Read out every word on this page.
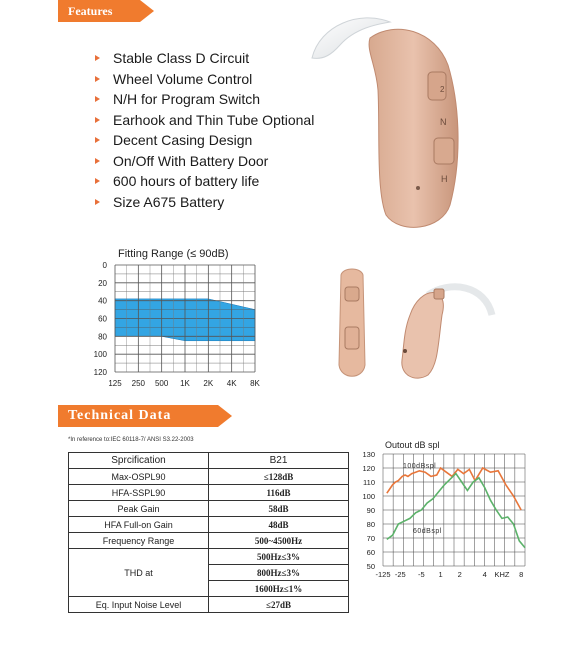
Features
Stable Class D Circuit
Wheel Volume Control
N/H for Program Switch
Earhook and Thin Tube Optional
Decent Casing Design
On/Off With Battery Door
600 hours of battery life
Size A675 Battery
2
N
H
Fitting Range (≤ 90dB)
0
20
40
60
80
100
120
125 250 500 1K 2K 4K 8K
Technical Data
*In reference to:IEC 60118-7/ ANSI S3.22-2003
Sprcification	B21
Max-OSPL90	≤128dB
HFA-SSPL90	116dB
Peak Gain	58dB
HFA Full-on Gain	48dB
Frequency Range	500~4500Hz
THD at	500Hz≤3%
	800Hz≤3%
	1600Hz≤1%
Eq. Input Noise Level	≤27dB
Outout dB spl
130
120
110
100
90
80
70
60
50
-125 -25 -5 1 2	4 KHZ 8
100dBspl
60dBspl
